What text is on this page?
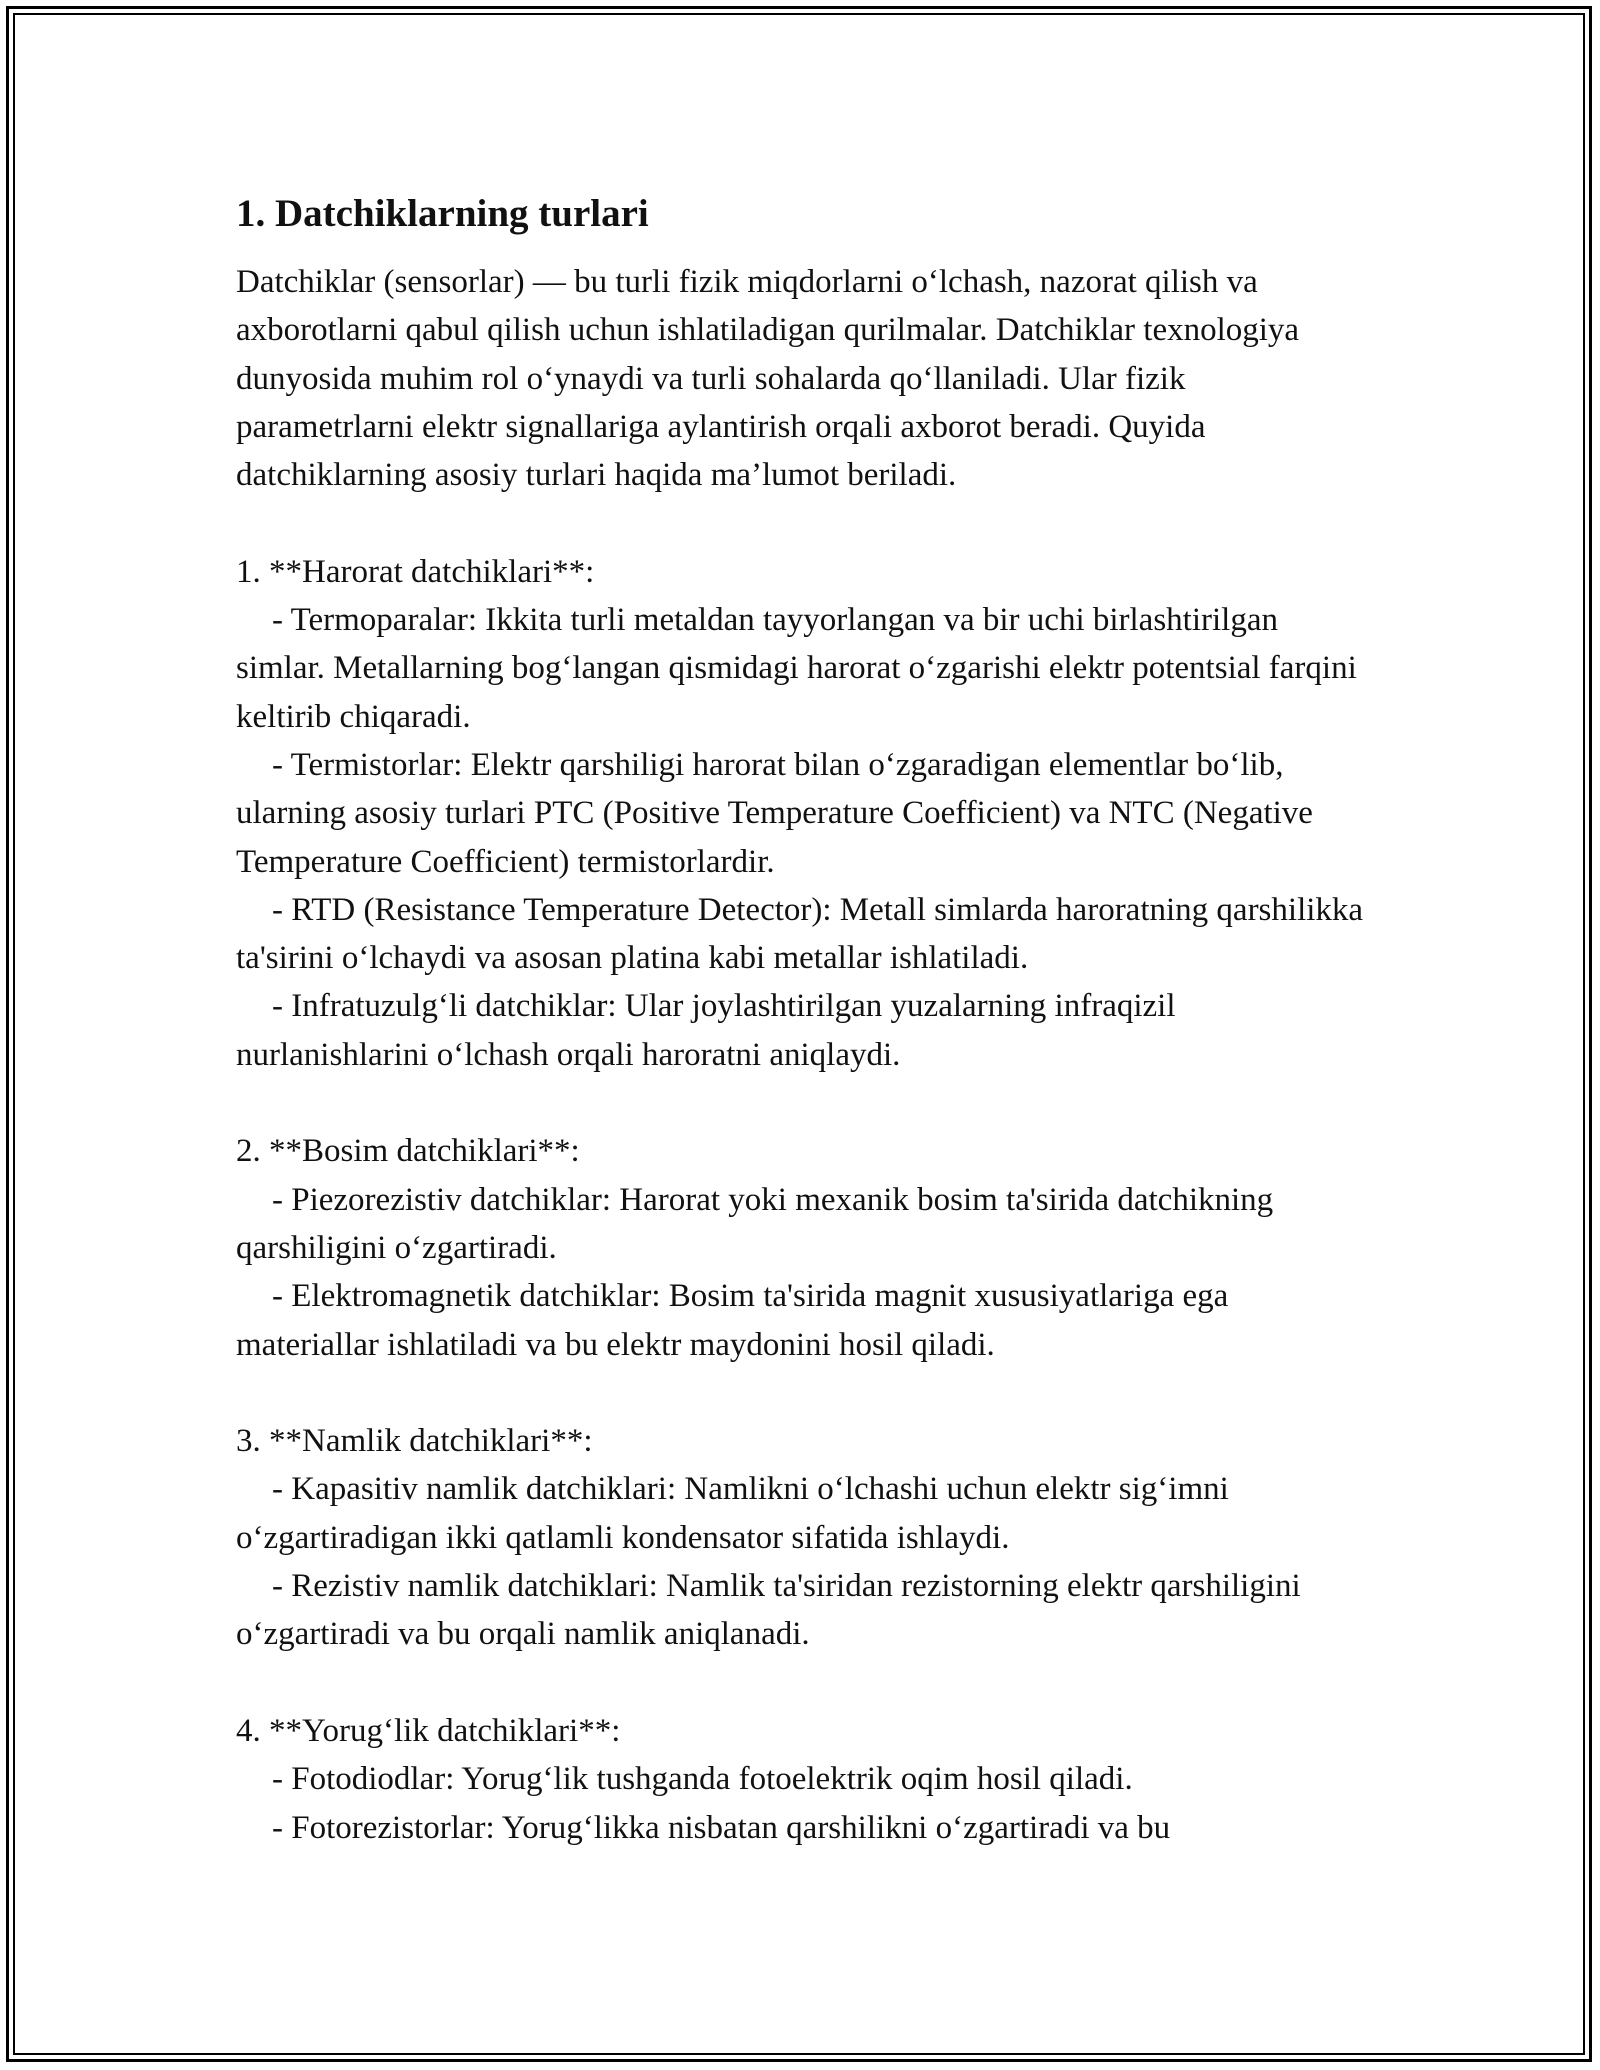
1. Datchiklarning turlari

Datchiklar (sensorlar) — bu turli fizik miqdorlarni o‘lchash, nazorat qilish va axborotlarni qabul qilish uchun ishlatiladigan qurilmalar. Datchiklar texnologiya dunyosida muhim rol o‘ynaydi va turli sohalarda qo‘llaniladi. Ular fizik parametrlarni elektr signallariga aylantirish orqali axborot beradi. Quyida datchiklarning asosiy turlari haqida ma’lumot beriladi.

1. **Harorat datchiklari**:
- Termoparalar: Ikkita turli metaldan tayyorlangan va bir uchi birlashtirilgan simlar. Metallarning bog‘langan qismidagi harorat o‘zgarishi elektr potentsial farqini keltirib chiqaradi.
- Termistorlar: Elektr qarshiligi harorat bilan o‘zgaradigan elementlar bo‘lib, ularning asosiy turlari PTC (Positive Temperature Coefficient) va NTC (Negative Temperature Coefficient) termistorlardir.
- RTD (Resistance Temperature Detector): Metall simlarda haroratning qarshilikka ta'sirini o‘lchaydi va asosan platina kabi metallar ishlatiladi.
- Infratuzulg‘li datchiklar: Ular joylashtirilgan yuzalarning infraqizil nurlanishlarini o‘lchash orqali haroratni aniqlaydi.
2. **Bosim datchiklari**:
- Piezorezistiv datchiklar: Harorat yoki mexanik bosim ta'sirida datchikning qarshiligini o‘zgartiradi.
- Elektromagnetik datchiklar: Bosim ta'sirida magnit xususiyatlariga ega materiallar ishlatiladi va bu elektr maydonini hosil qiladi.
3. **Namlik datchiklari**:
- Kapasitiv namlik datchiklari: Namlikni o‘lchashi uchun elektr sig‘imni o‘zgartiradigan ikki qatlamli kondensator sifatida ishlaydi.
- Rezistiv namlik datchiklari: Namlik ta'siridan rezistorning elektr qarshiligini o‘zgartiradi va bu orqali namlik aniqlanadi.
4. **Yorug‘lik datchiklari**:
- Fotodiodlar: Yorug‘lik tushganda fotoelektrik oqim hosil qiladi.
- Fotorezistorlar: Yorug‘likka nisbatan qarshilikni o‘zgartiradi va bu
